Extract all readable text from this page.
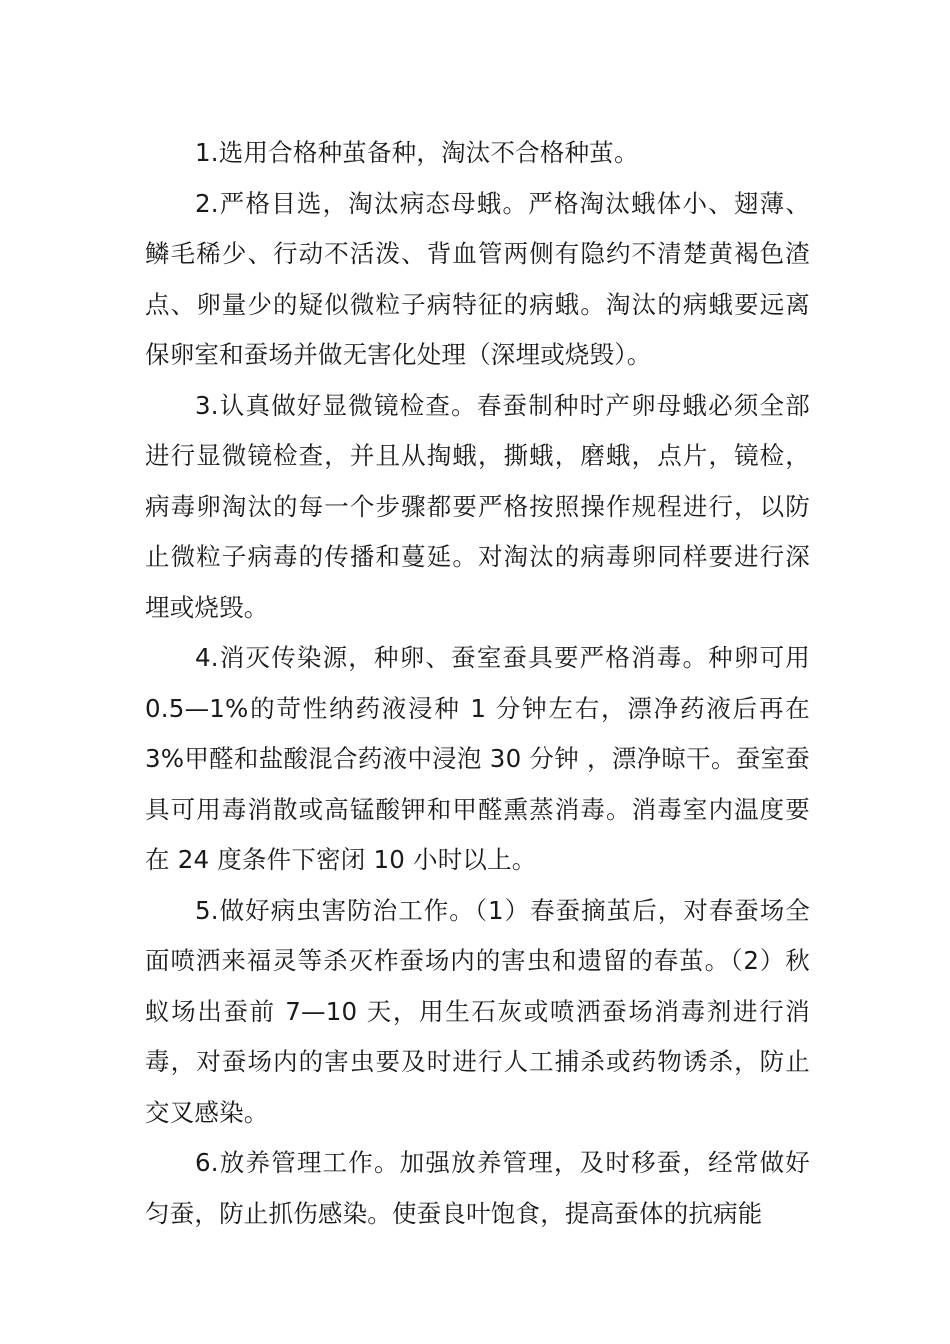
1.选用合格种茧备种，淘汰不合格种茧。

2.严格目选，淘汰病态母蛾。严格淘汰蛾体小、翅薄、鳞毛稀少、行动不活泼、背血管两侧有隐约不清楚黄褐色渣点、卵量少的疑似微粒子病特征的病蛾。淘汰的病蛾要远离保卵室和蚕场并做无害化处理（深埋或烧毁）。

3.认真做好显微镜检查。春蚕制种时产卵母蛾必须全部进行显微镜检查，并且从掏蛾，撕蛾，磨蛾，点片，镜检，病毒卵淘汰的每一个步骤都要严格按照操作规程进行，以防止微粒子病毒的传播和蔓延。对淘汰的病毒卵同样要进行深埋或烧毁。

4.消灭传染源，种卵、蚕室蚕具要严格消毒。种卵可用0.5—1%的苛性纳药液浸种 1 分钟左右，漂净药液后再在 3%甲醛和盐酸混合药液中浸泡 30 分钟 ，漂净晾干。蚕室蚕具可用毒消散或高锰酸钾和甲醛熏蒸消毒。消毒室内温度要在 24 度条件下密闭 10 小时以上。

5.做好病虫害防治工作。（1）春蚕摘茧后，对春蚕场全面喷洒来福灵等杀灭柞蚕场内的害虫和遗留的春茧。（2）秋蚁场出蚕前 7—10 天，用生石灰或喷洒蚕场消毒剂进行消毒，对蚕场内的害虫要及时进行人工捕杀或药物诱杀，防止交叉感染。

6.放养管理工作。加强放养管理，及时移蚕，经常做好匀蚕，防止抓伤感染。使蚕良叶饱食，提高蚕体的抗病能
